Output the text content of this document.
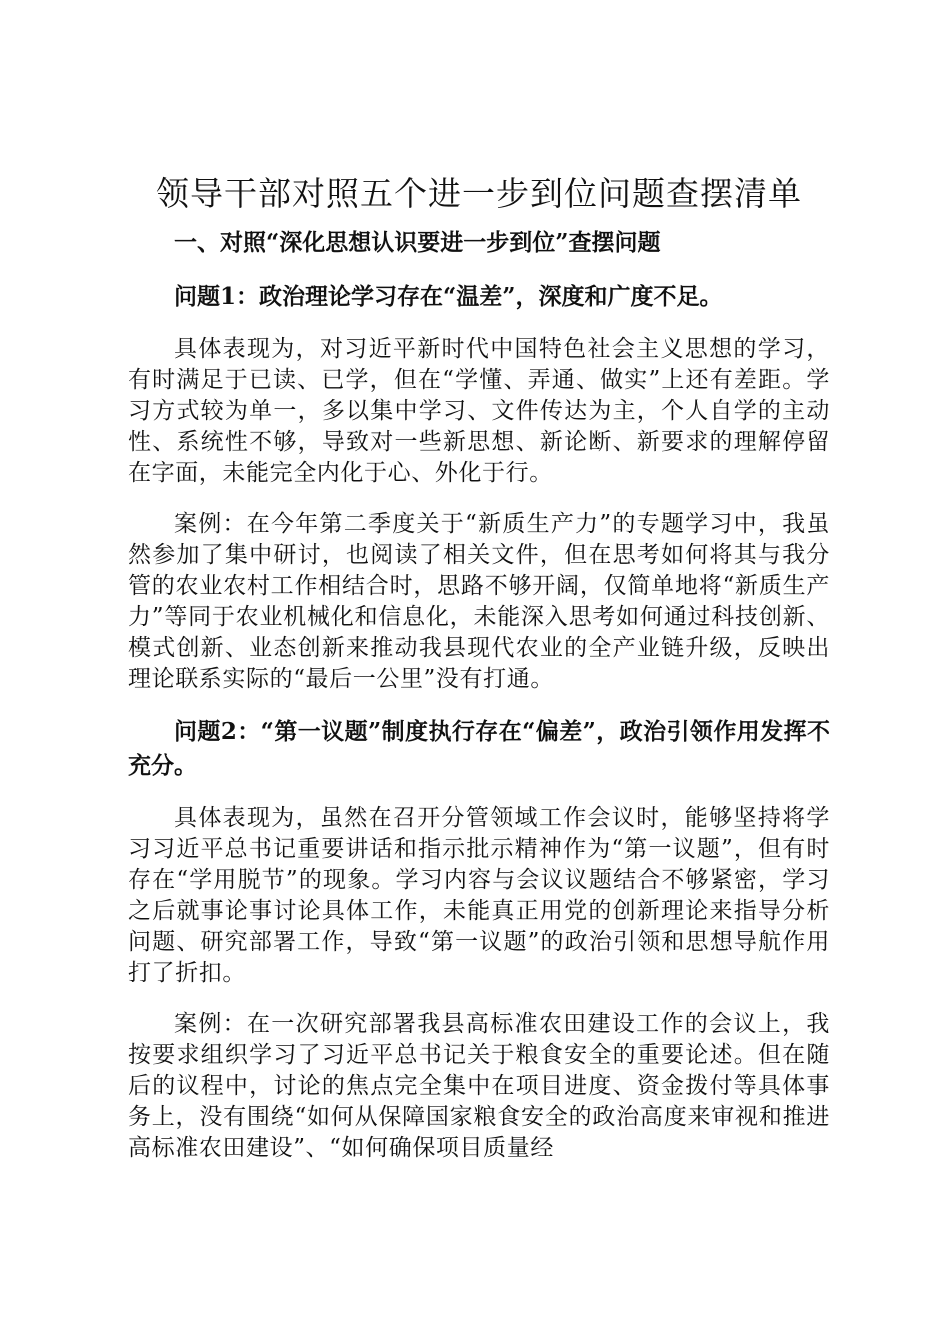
领导干部对照五个进一步到位问题查摆清单

一、对照“深化思想认识要进一步到位”查摆问题

问题1：政治理论学习存在“温差”，深度和广度不足。

具体表现为，对习近平新时代中国特色社会主义思想的学习，有时满足于已读、已学，但在“学懂、弄通、做实”上还有差距。学习方式较为单一，多以集中学习、文件传达为主，个人自学的主动性、系统性不够，导致对一些新思想、新论断、新要求的理解停留在字面，未能完全内化于心、外化于行。

案例：在今年第二季度关于“新质生产力”的专题学习中，我虽然参加了集中研讨，也阅读了相关文件，但在思考如何将其与我分管的农业农村工作相结合时，思路不够开阔，仅简单地将“新质生产力”等同于农业机械化和信息化，未能深入思考如何通过科技创新、模式创新、业态创新来推动我县现代农业的全产业链升级，反映出理论联系实际的“最后一公里”没有打通。

问题2：“第一议题”制度执行存在“偏差”，政治引领作用发挥不充分。

具体表现为，虽然在召开分管领域工作会议时，能够坚持将学习习近平总书记重要讲话和指示批示精神作为“第一议题”，但有时存在“学用脱节”的现象。学习内容与会议议题结合不够紧密，学习之后就事论事讨论具体工作，未能真正用党的创新理论来指导分析问题、研究部署工作，导致“第一议题”的政治引领和思想导航作用打了折扣。

案例：在一次研究部署我县高标准农田建设工作的会议上，我按要求组织学习了习近平总书记关于粮食安全的重要论述。但在随后的议程中，讨论的焦点完全集中在项目进度、资金拨付等具体事务上，没有围绕“如何从保障国家粮食安全的政治高度来审视和推进高标准农田建设”、“如何确保项目质量经
